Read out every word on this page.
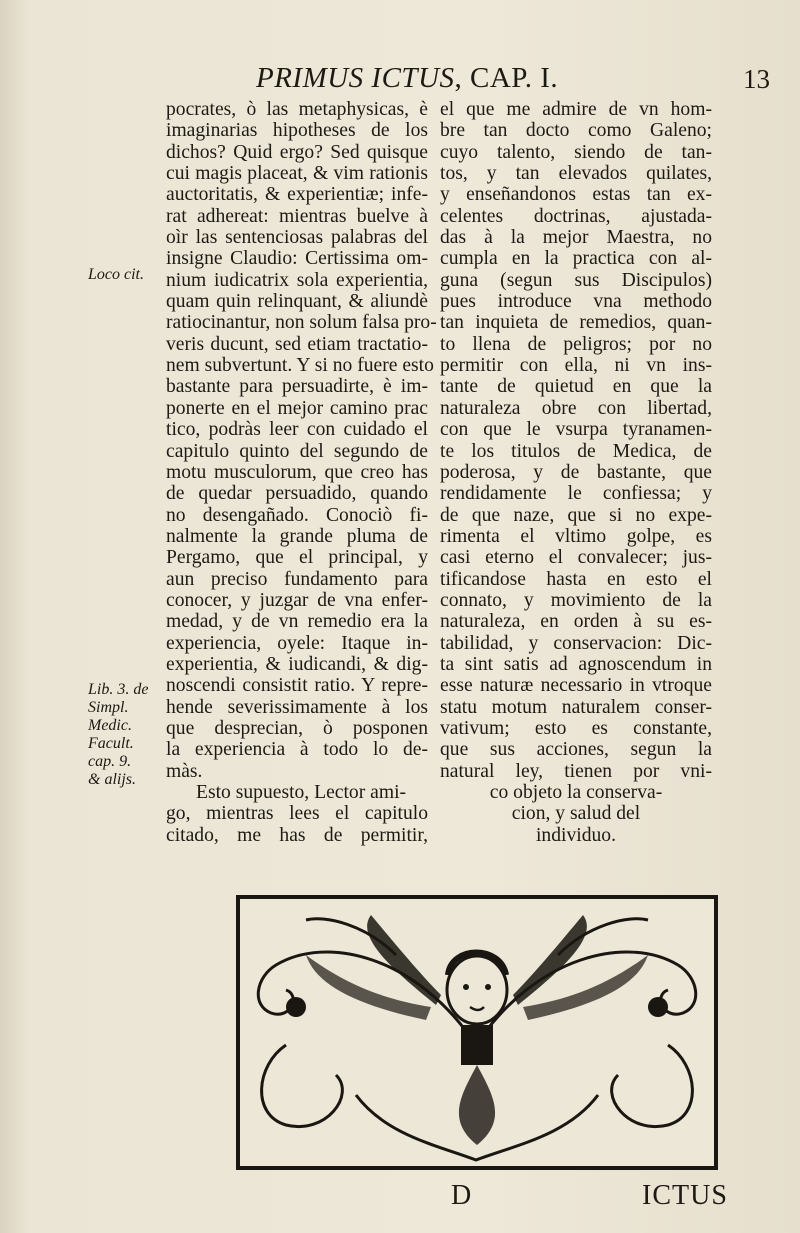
PRIMUS ICTUS, CAP. I.	13
Loco cit.
Lib. 3. de
Simpl.
Medic.
Facult.
cap. 9.
& alijs.
pocrates, ò las metaphysicas, è
imaginarias hipotheses de los
dichos? Quid ergo? Sed quisque
cui magis placeat, & vim rationis
auctoritatis, & experientiæ; infe-
rat adhereat: mientras buelve à
oìr las sentenciosas palabras del
insigne Claudio: Certissima om-
nium iudicatrix sola experientia,
quam quin relinquant, & aliundè
ratiocinantur, non solum falsa pro-
veris ducunt, sed etiam tractatio-
nem subvertunt. Y si no fuere esto
bastante para persuadirte, è im-
ponerte en el mejor camino prac
tico, podràs leer con cuidado el
capitulo quinto del segundo de
motu musculorum, que creo has
de quedar persuadido, quando
no desengañado. Conociò fi-
nalmente la grande pluma de
Pergamo, que el principal, y
aun preciso fundamento para
conocer, y juzgar de vna enfer-
medad, y de vn remedio era la
experiencia, oyele: Itaque in-
experientia, & iudicandi, & dig-
noscendi consistit ratio. Y repre-
hende severissimamente à los
que desprecian, ò posponen
la experiencia à todo lo de-
màs.
Esto supuesto, Lector ami-
go, mientras lees el capitulo
citado, me has de permitir,
el que me admire de vn hom-
bre tan docto como Galeno;
cuyo talento, siendo de tan-
tos, y tan elevados quilates,
y enseñandonos estas tan ex-
celentes doctrinas, ajustada-
das à la mejor Maestra, no
cumpla en la practica con al-
guna (segun sus Discipulos)
pues introduce vna methodo
tan inquieta de remedios, quan-
to llena de peligros; por no
permitir con ella, ni vn ins-
tante de quietud en que la
naturaleza obre con libertad,
con que le vsurpa tyranamen-
te los titulos de Medica, de
poderosa, y de bastante, que
rendidamente le confiessa; y
de que naze, que si no expe-
rimenta el vltimo golpe, es
casi eterno el convalecer; jus-
tificandose hasta en esto el
connato, y movimiento de la
naturaleza, en orden à su es-
tabilidad, y conservacion: Dic-
ta sint satis ad agnoscendum in
esse naturæ necessario in vtroque
statu motum naturalem conser-
vativum; esto es constante,
que sus acciones, segun la
natural ley, tienen por vni-
co objeto la conserva-
cion, y salud del
individuo.
D	ICTUS
